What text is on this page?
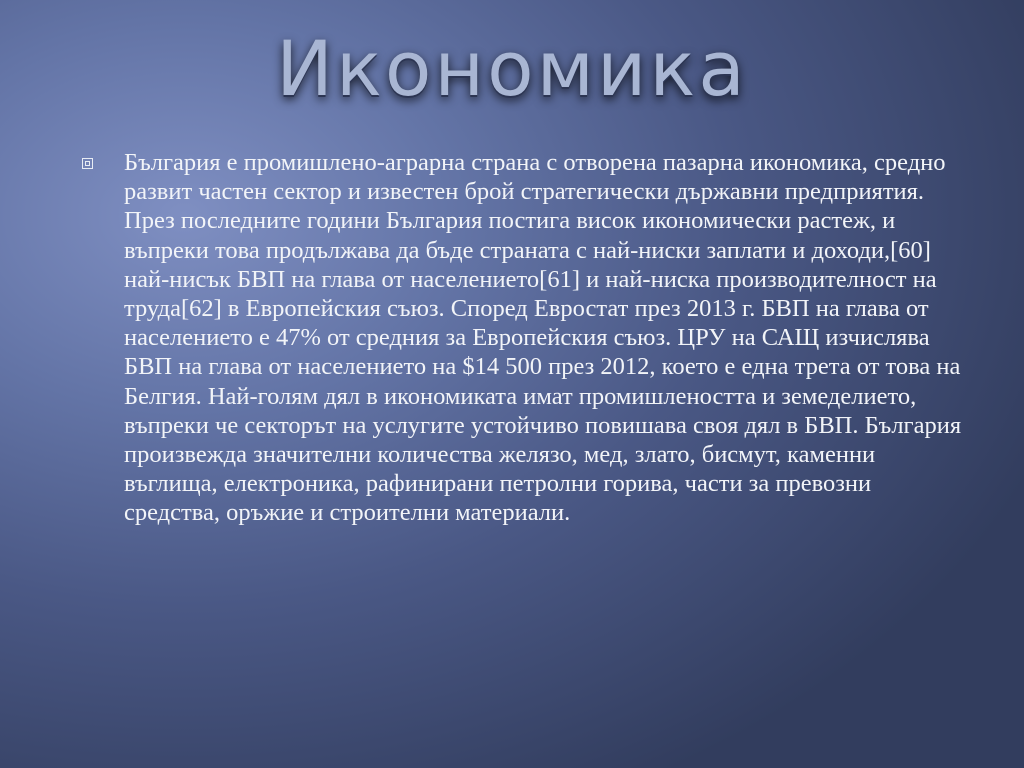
Икономика
България е промишлено-аграрна страна с отворена пазарна икономика, средно развит частен сектор и известен брой стратегически държавни предприятия. През последните години България постига висок икономически растеж, и въпреки това продължава да бъде страната с най-ниски заплати и доходи,[60] най-нисък БВП на глава от населението[61] и най-ниска производителност на труда[62] в Европейския съюз. Според Евростат през 2013 г. БВП на глава от населението е 47% от средния за Европейския съюз. ЦРУ на САЩ изчислява БВП на глава от населението на $14 500 през 2012, което е една трета от това на Белгия. Най-голям дял в икономиката имат промишлеността и земеделието, въпреки че секторът на услугите устойчиво повишава своя дял в БВП. България произвежда значителни количества желязо, мед, злато, бисмут, каменни въглища, електроника, рафинирани петролни горива, части за превозни средства, оръжие и строителни материали.
